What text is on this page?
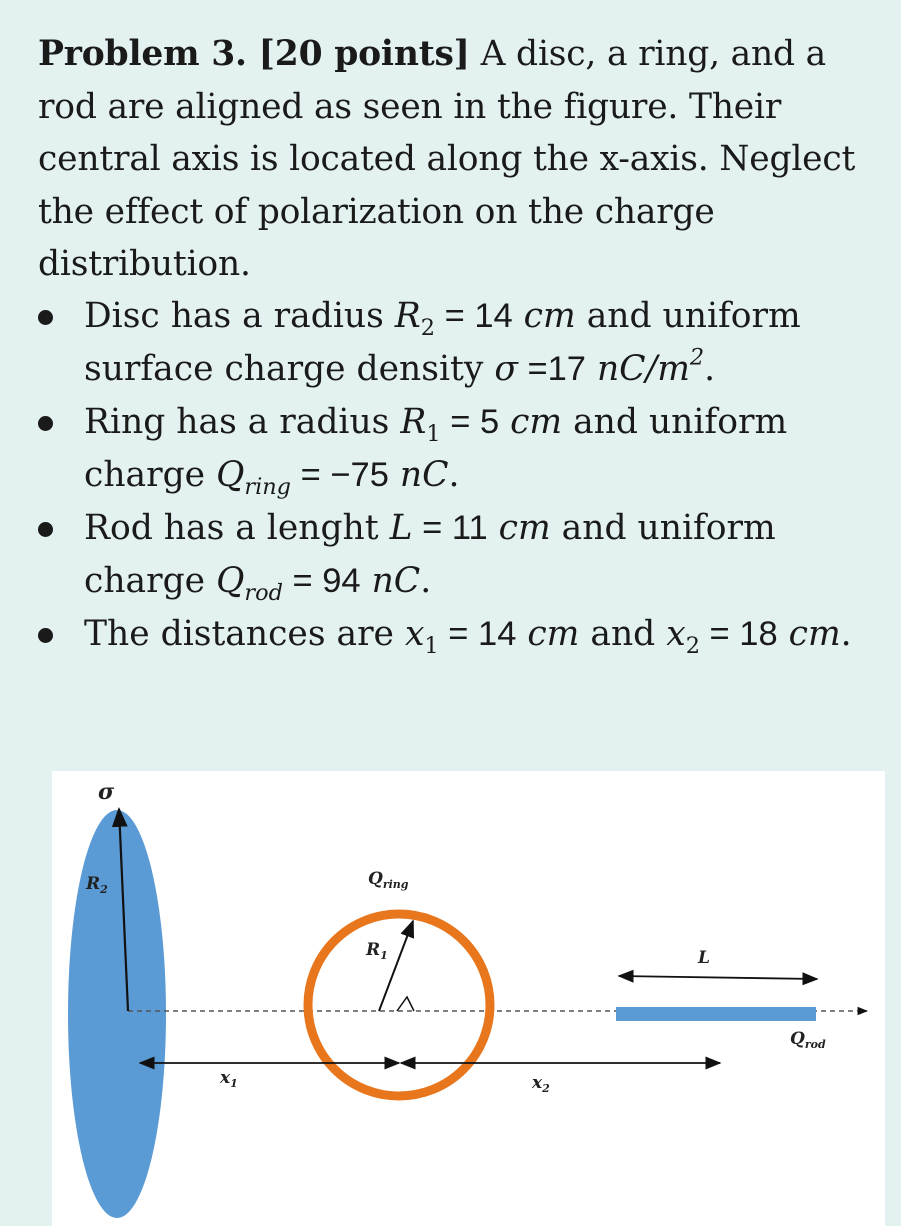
Problem 3. [20 points] A disc, a ring, and a rod are aligned as seen in the figure. Their central axis is located along the x-axis. Neglect the effect of polarization on the charge distribution.
Disc has a radius $R_2 = 14$ cm and uniform surface charge density σ =17 $nC/m^2$.
Ring has a radius $R_1 = 5$ cm and uniform charge $Q_{ring} = -75$ nC.
Rod has a lenght L = 11 cm and uniform charge $Q_{rod} = 94$ nC.
The distances are $x_1 = 14$ cm and $x_2 = 18$ cm.
σ
$R_2$
$Q_{ring}$
$R_1$	L
$Q_{rod}$
$x_1$	$x_2$
